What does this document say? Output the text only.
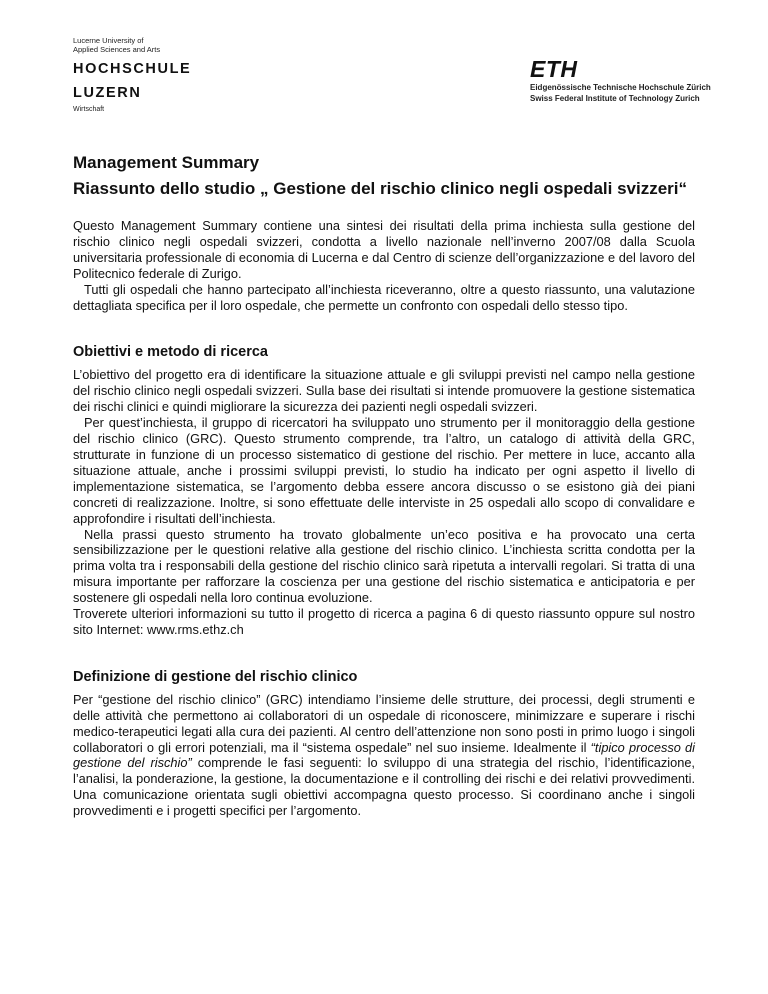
Lucerne University of
Applied Sciences and Arts
HOCHSCHULE
LUZERN
Wirtschaft
ETH
Eidgenössische Technische Hochschule Zürich
Swiss Federal Institute of Technology Zurich
Management Summary
Riassunto dello studio „ Gestione del rischio clinico negli ospedali svizzeri“

Questo Management Summary contiene una sintesi dei risultati della prima inchiesta sulla gestione del rischio clinico negli ospedali svizzeri, condotta a livello nazionale nell’inverno 2007/08 dalla Scuola universitaria professionale di economia di Lucerna e dal Centro di scienze dell’organizzazione e del lavoro del Politecnico federale di Zurigo.

Tutti gli ospedali che hanno partecipato all’inchiesta riceveranno, oltre a questo riassunto, una valutazione dettagliata specifica per il loro ospedale, che permette un confronto con ospedali dello stesso tipo.

Obiettivi e metodo di ricerca

L’obiettivo del progetto era di identificare la situazione attuale e gli sviluppi previsti nel campo nella gestione del rischio clinico negli ospedali svizzeri. Sulla base dei risultati si intende promuovere la gestione sistematica dei rischi clinici e quindi migliorare la sicurezza dei pazienti negli ospedali svizzeri.

Per quest’inchiesta, il gruppo di ricercatori ha sviluppato uno strumento per il monitoraggio della gestione del rischio clinico (GRC). Questo strumento comprende, tra l’altro, un catalogo di attività della GRC, strutturate in funzione di un processo sistematico di gestione del rischio. Per mettere in luce, accanto alla situazione attuale, anche i prossimi sviluppi previsti, lo studio ha indicato per ogni aspetto il livello di implementazione sistematica, se l’argomento debba essere ancora discusso o se esistono già dei piani concreti di realizzazione. Inoltre, si sono effettuate delle interviste in 25 ospedali allo scopo di convalidare e approfondire i risultati dell’inchiesta.

Nella prassi questo strumento ha trovato globalmente un’eco positiva e ha provocato una certa sensibilizzazione per le questioni relative alla gestione del rischio clinico. L’inchiesta scritta condotta per la prima volta tra i responsabili della gestione del rischio clinico sarà ripetuta a intervalli regolari. Si tratta di una misura importante per rafforzare la coscienza per una gestione del rischio sistematica e anticipatoria e per sostenere gli ospedali nella loro continua evoluzione.

Troverete ulteriori informazioni su tutto il progetto di ricerca a pagina 6 di questo riassunto oppure sul nostro sito Internet: www.rms.ethz.ch

Definizione di gestione del rischio clinico

Per “gestione del rischio clinico” (GRC) intendiamo l’insieme delle strutture, dei processi, degli strumenti e delle attività che permettono ai collaboratori di un ospedale di riconoscere, minimizzare e superare i rischi medico-terapeutici legati alla cura dei pazienti. Al centro dell’attenzione non sono posti in primo luogo i singoli collaboratori o gli errori potenziali, ma il “sistema ospedale” nel suo insieme. Idealmente il “tipico processo di gestione del rischio” comprende le fasi seguenti: lo sviluppo di una strategia del rischio, l’identificazione, l’analisi, la ponderazione, la gestione, la documentazione e il controlling dei rischi e dei relativi provvedimenti. Una comunicazione orientata sugli obiettivi accompagna questo processo. Si coordinano anche i singoli provvedimenti e i progetti specifici per l’argomento.
